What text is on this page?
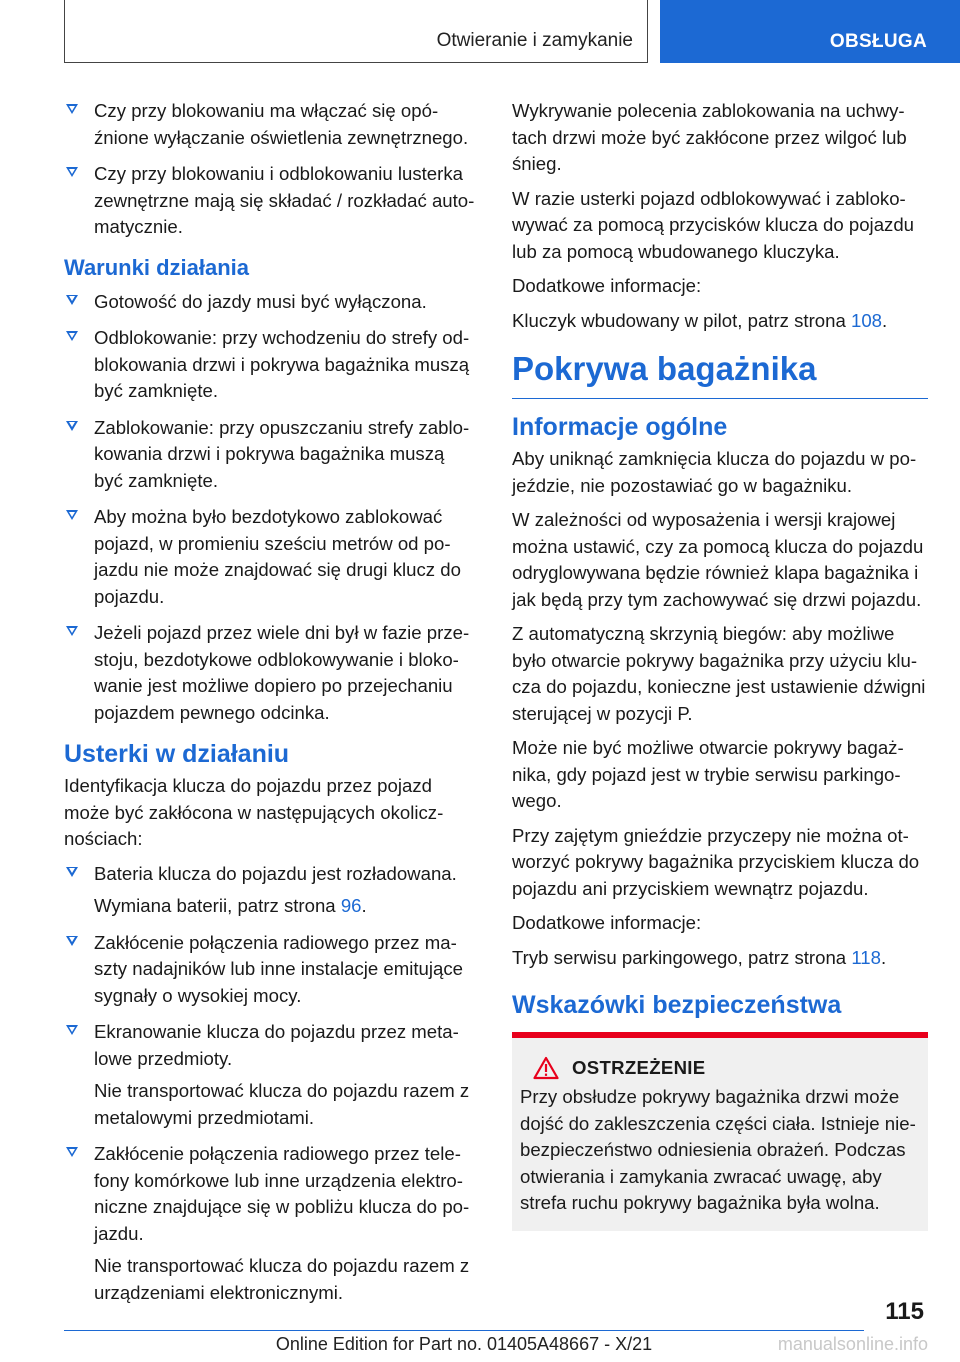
Otwieranie i zamykanie	OBSŁUGA

Czy przy blokowaniu ma włączać się opóźnione wyłączanie oświetlenia zewnętrznego.

Czy przy blokowaniu i odblokowaniu lusterka zewnętrzne mają się składać / rozkładać automatycznie.

Warunki działania

Gotowość do jazdy musi być wyłączona.

Odblokowanie: przy wchodzeniu do strefy odblokowania drzwi i pokrywa bagażnika muszą być zamknięte.

Zablokowanie: przy opuszczaniu strefy zablokowania drzwi i pokrywa bagażnika muszą być zamknięte.

Aby można było bezdotykowo zablokować pojazd, w promieniu sześciu metrów od pojazdu nie może znajdować się drugi klucz do pojazdu.

Jeżeli pojazd przez wiele dni był w fazie przestoju, bezdotykowe odblokowywanie i blokowanie jest możliwe dopiero po przejechaniu pojazdem pewnego odcinka.

Usterki w działaniu

Identyfikacja klucza do pojazdu przez pojazd może być zakłócona w następujących okolicznościach:

Bateria klucza do pojazdu jest rozładowana.

Wymiana baterii, patrz strona 96.

Zakłócenie połączenia radiowego przez maszty nadajników lub inne instalacje emitujące sygnały o wysokiej mocy.

Ekranowanie klucza do pojazdu przez metalowe przedmioty.

Nie transportować klucza do pojazdu razem z metalowymi przedmiotami.

Zakłócenie połączenia radiowego przez telefony komórkowe lub inne urządzenia elektroniczne znajdujące się w pobliżu klucza do pojazdu.

Nie transportować klucza do pojazdu razem z urządzeniami elektronicznymi.

Wykrywanie polecenia zablokowania na uchwytach drzwi może być zakłócone przez wilgoć lub śnieg.

W razie usterki pojazd odblokowywać i zablokowywać za pomocą przycisków klucza do pojazdu lub za pomocą wbudowanego kluczyka.

Dodatkowe informacje:

Kluczyk wbudowany w pilot, patrz strona 108.

Pokrywa bagażnika
Informacje ogólne

Aby uniknąć zamknięcia klucza do pojazdu w pojeździe, nie pozostawiać go w bagażniku.

W zależności od wyposażenia i wersji krajowej można ustawić, czy za pomocą klucza do pojazdu odryglowywana będzie również klapa bagażnika i jak będą przy tym zachowywać się drzwi pojazdu.

Z automatyczną skrzynią biegów: aby możliwe było otwarcie pokrywy bagażnika przy użyciu klucza do pojazdu, konieczne jest ustawienie dźwigni sterującej w pozycji P.

Może nie być możliwe otwarcie pokrywy bagażnika, gdy pojazd jest w trybie serwisu parkingowego.

Przy zajętym gnieździe przyczepy nie można otworzyć pokrywy bagażnika przyciskiem klucza do pojazdu ani przyciskiem wewnątrz pojazdu.

Dodatkowe informacje:

Tryb serwisu parkingowego, patrz strona 118.

Wskazówki bezpieczeństwa
OSTRZEŻENIE

Przy obsłudze pokrywy bagażnika drzwi może dojść do zakleszczenia części ciała. Istnieje niebezpieczeństwo odniesienia obrażeń. Podczas otwierania i zamykania zwracać uwagę, aby strefa ruchu pokrywy bagażnika była wolna.

115
Online Edition for Part no. 01405A48667 - X/21	manualsonline.info
